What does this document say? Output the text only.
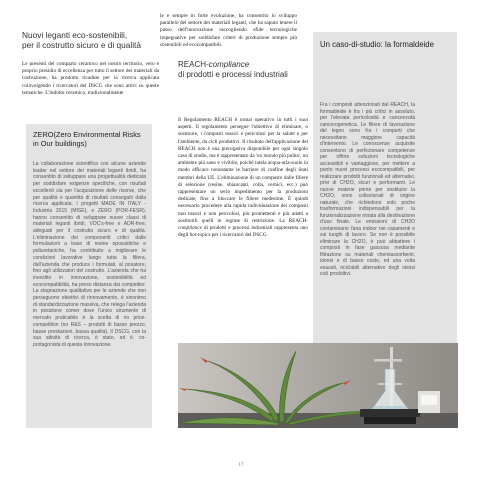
Nuovi leganti eco-sostenibili,
per il costrutto sicuro e di qualità
Le presenti del comparto ceramico nel nostro territorio, vero e proprio presidio di eccellenza per tutto il settore dei materiali da costruzione, ha prodotto ricadute per la ricerca applicata coinvolgendo i ricercatori del DSCG che sono attivi su queste tematiche. L'indotto ceramico, tradizionalmente
ZERO(Zero Environmental Risks in Our buildings)
La collaborazione scientifica con alcune aziende leader nel settore dei materiali leganti ibridi, ha consentito di sviluppare una progettualità dedicata per soddisfare esigenze specifiche, con risultati eccellenti sia per l'acquisizione delle risorse, che per qualità e quantità di risultati conseguiti dalla ricerca applicata. I progetti MADE IN ITALY - Industria 2015 (MISE), e ZERO (POR-FESR), hanno consentito di sviluppare nuove classi di materiali leganti ibridi, VOC's-free e ADR-free, adeguati per il costrutto sicuro e di qualità. L'eliminazione dei componenti critici dalle formulazioni a base di resine epossidiche e poliuretaniche, ha contribuito a migliorare le condizioni lavorative lungo tutta la filiera, dall'azienda che produce i formulati, al posatore, fino agli utilizzatori del costrutto. L'azienda che ha investito in innovazione, sostenibilità ed ecocompatibilità, ha preso distanza dai competitor. La stagnazione qualitativa per le aziende che non perseguono obiettivi di rinnovamento, è sinonimo di standardizzazione massiva, che relega l'azienda in posizione comer dove l'unico strumento di mercato praticabile è la scelta di no price-competition (no R&S – prodotti di basso prezzo, basse prestazioni, bassa qualità). Il DSCG, con la sua attività di ricerca, è stato, ed è, co-protagonista di questa innovazione.
le e sempre in forte evoluzione, ha consentito lo sviluppo parallelo del settore dei materiali leganti, che ha saputo tenere il passo dell'innovazione raccogliendo sfide tecnologiche impegnative per soddisfare criteri di produzione sempre più sostenibili ed ecocompatibili.
REACH-compliance
di prodotti e processi industriali
Il Regolamento REACH è ormai operativo in tutti i suoi aspetti. Il regolamento persegue l'obiettivo di eliminare, o sostituire, i composti tossici e pericolosi per la salute e per l'ambiente, da cicli produttivi. Il risultato dell'applicazione del REACH non è una prerogativa disponibile per ogni singolo caso di studio, ma è rappresentato da 'un mondo più pulito', un ambiente più sano e vivibile, poiché tutela acqua-aria-suolo in modo efficace nonostante le barriere di confine degli Stati membri della UE. L'eliminazione di un composto dalle filiere di selezione (resine, sbiancanti, colla, vernici, ecc.) può rappresentare un serio impedimento per la produzioni dedicate, fino a bloccare le filiere medesime. È quindi necessario procedere alla rapida individuazione dei composti non tossici e non pericolosi, più promettenti e più adatti a sostituirli quelli in regime di restrizione. La REACH-compliance di prodotti e processi industriali rappresenta uno degli hot-topics per i ricercatori del DSCG.
Un caso-di-studio: la formaldeide
Fra i composti attenzionati dal REACH, la formaldeide è fra i più critici in assoluto, per l'elevata pericolosità e cancerosità cancerogenetica. Le filiere di lavorazione del legno sono fra i comparti che necessitano maggiore capacità d'intervento. Le conoscenze acquisite consentono di perfezionare competenze per offrire soluzioni tecnologiche accessibili e vantaggiose, per mettere a punto nuovi processi ecocompatibili, per realizzare prodotti funzionali ed alternativi, privi di CH2O, sicuri e performanti. Le nuove materie prime per sostituire la CH2O, sono collezionati di origine naturale, che richiedono solo poche trasformazioni indispensabili per la funzionalizzazione mirata alla destinazione d'uso finale. Le emissioni di CH2O contaminano l'aria indoor nei casamenti e sui luoghi di lavoro. Se non è possibile eliminare la CH2O, è può abbattere i composti in fase gassosa mediante filtrazione su materiali chemiassorbenti, idonei e di basso costo, ed una volta esausti, riciclabili alternativo degli stessi cicli produttivi.
17
